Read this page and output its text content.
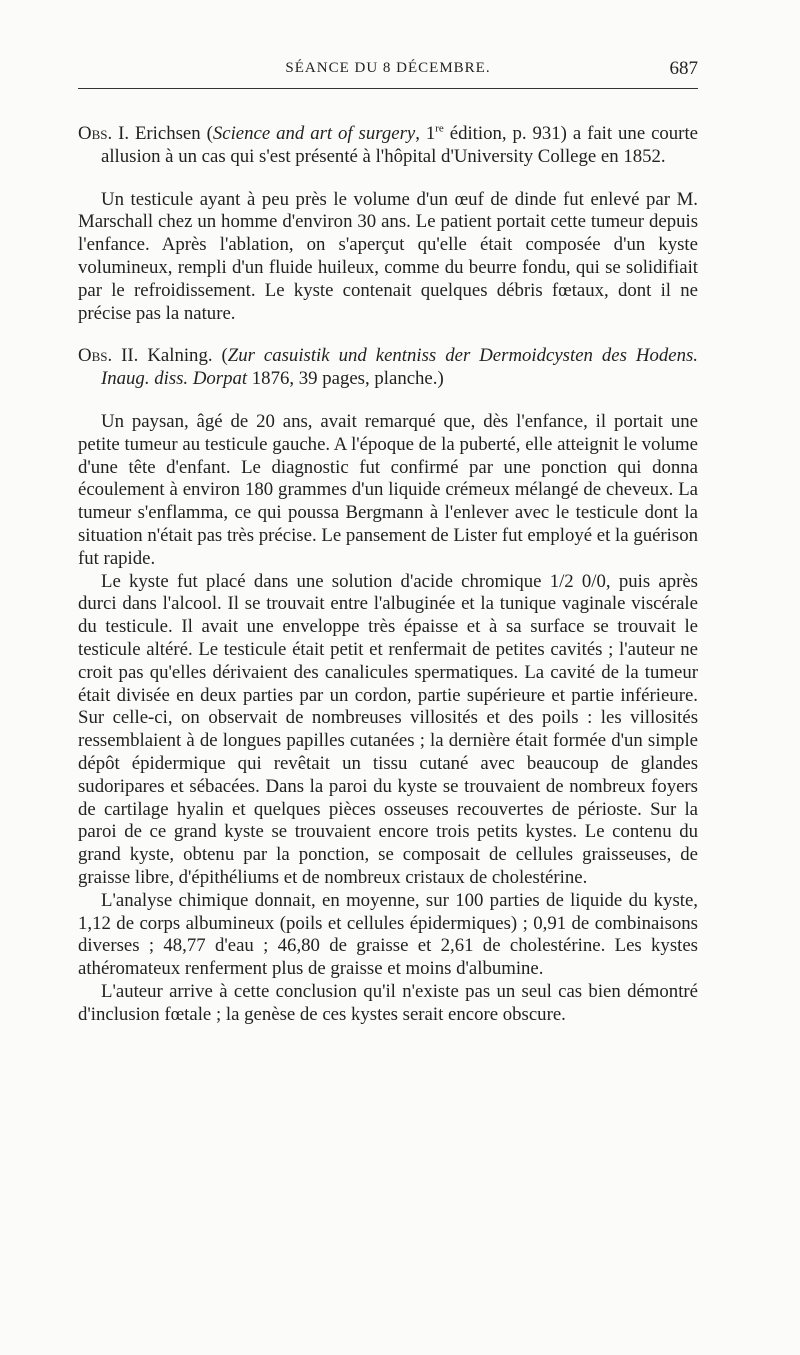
SÉANCE DU 8 DÉCEMBRE.	687

Obs. I. Erichsen (Science and art of surgery, 1re édition, p. 931) a fait une courte allusion à un cas qui s'est présenté à l'hôpital d'University College en 1852.

Un testicule ayant à peu près le volume d'un œuf de dinde fut enlevé par M. Marschall chez un homme d'environ 30 ans. Le patient portait cette tumeur depuis l'enfance. Après l'ablation, on s'aperçut qu'elle était composée d'un kyste volumineux, rempli d'un fluide huileux, comme du beurre fondu, qui se solidifiait par le refroidissement. Le kyste contenait quelques débris fœtaux, dont il ne précise pas la nature.

Obs. II. Kalning. (Zur casuistik und kentniss der Dermoidcysten des Hodens. Inaug. diss. Dorpat 1876, 39 pages, planche.)

Un paysan, âgé de 20 ans, avait remarqué que, dès l'enfance, il portait une petite tumeur au testicule gauche. A l'époque de la puberté, elle atteignit le volume d'une tête d'enfant. Le diagnostic fut confirmé par une ponction qui donna écoulement à environ 180 grammes d'un liquide crémeux mélangé de cheveux. La tumeur s'enflamma, ce qui poussa Bergmann à l'enlever avec le testicule dont la situation n'était pas très précise. Le pansement de Lister fut employé et la guérison fut rapide.

Le kyste fut placé dans une solution d'acide chromique 1/2 0/0, puis après durci dans l'alcool. Il se trouvait entre l'albuginée et la tunique vaginale viscérale du testicule. Il avait une enveloppe très épaisse et à sa surface se trouvait le testicule altéré. Le testicule était petit et renfermait de petites cavités ; l'auteur ne croit pas qu'elles dérivaient des canalicules spermatiques. La cavité de la tumeur était divisée en deux parties par un cordon, partie supérieure et partie inférieure. Sur celle-ci, on observait de nombreuses villosités et des poils : les villosités ressemblaient à de longues papilles cutanées ; la dernière était formée d'un simple dépôt épidermique qui revêtait un tissu cutané avec beaucoup de glandes sudoripares et sébacées. Dans la paroi du kyste se trouvaient de nombreux foyers de cartilage hyalin et quelques pièces osseuses recouvertes de périoste. Sur la paroi de ce grand kyste se trouvaient encore trois petits kystes. Le contenu du grand kyste, obtenu par la ponction, se composait de cellules graisseuses, de graisse libre, d'épithéliums et de nombreux cristaux de cholestérine.

L'analyse chimique donnait, en moyenne, sur 100 parties de liquide du kyste, 1,12 de corps albumineux (poils et cellules épidermiques) ; 0,91 de combinaisons diverses ; 48,77 d'eau ; 46,80 de graisse et 2,61 de cholestérine. Les kystes athéromateux renferment plus de graisse et moins d'albumine.

L'auteur arrive à cette conclusion qu'il n'existe pas un seul cas bien démontré d'inclusion fœtale ; la genèse de ces kystes serait encore obscure.
